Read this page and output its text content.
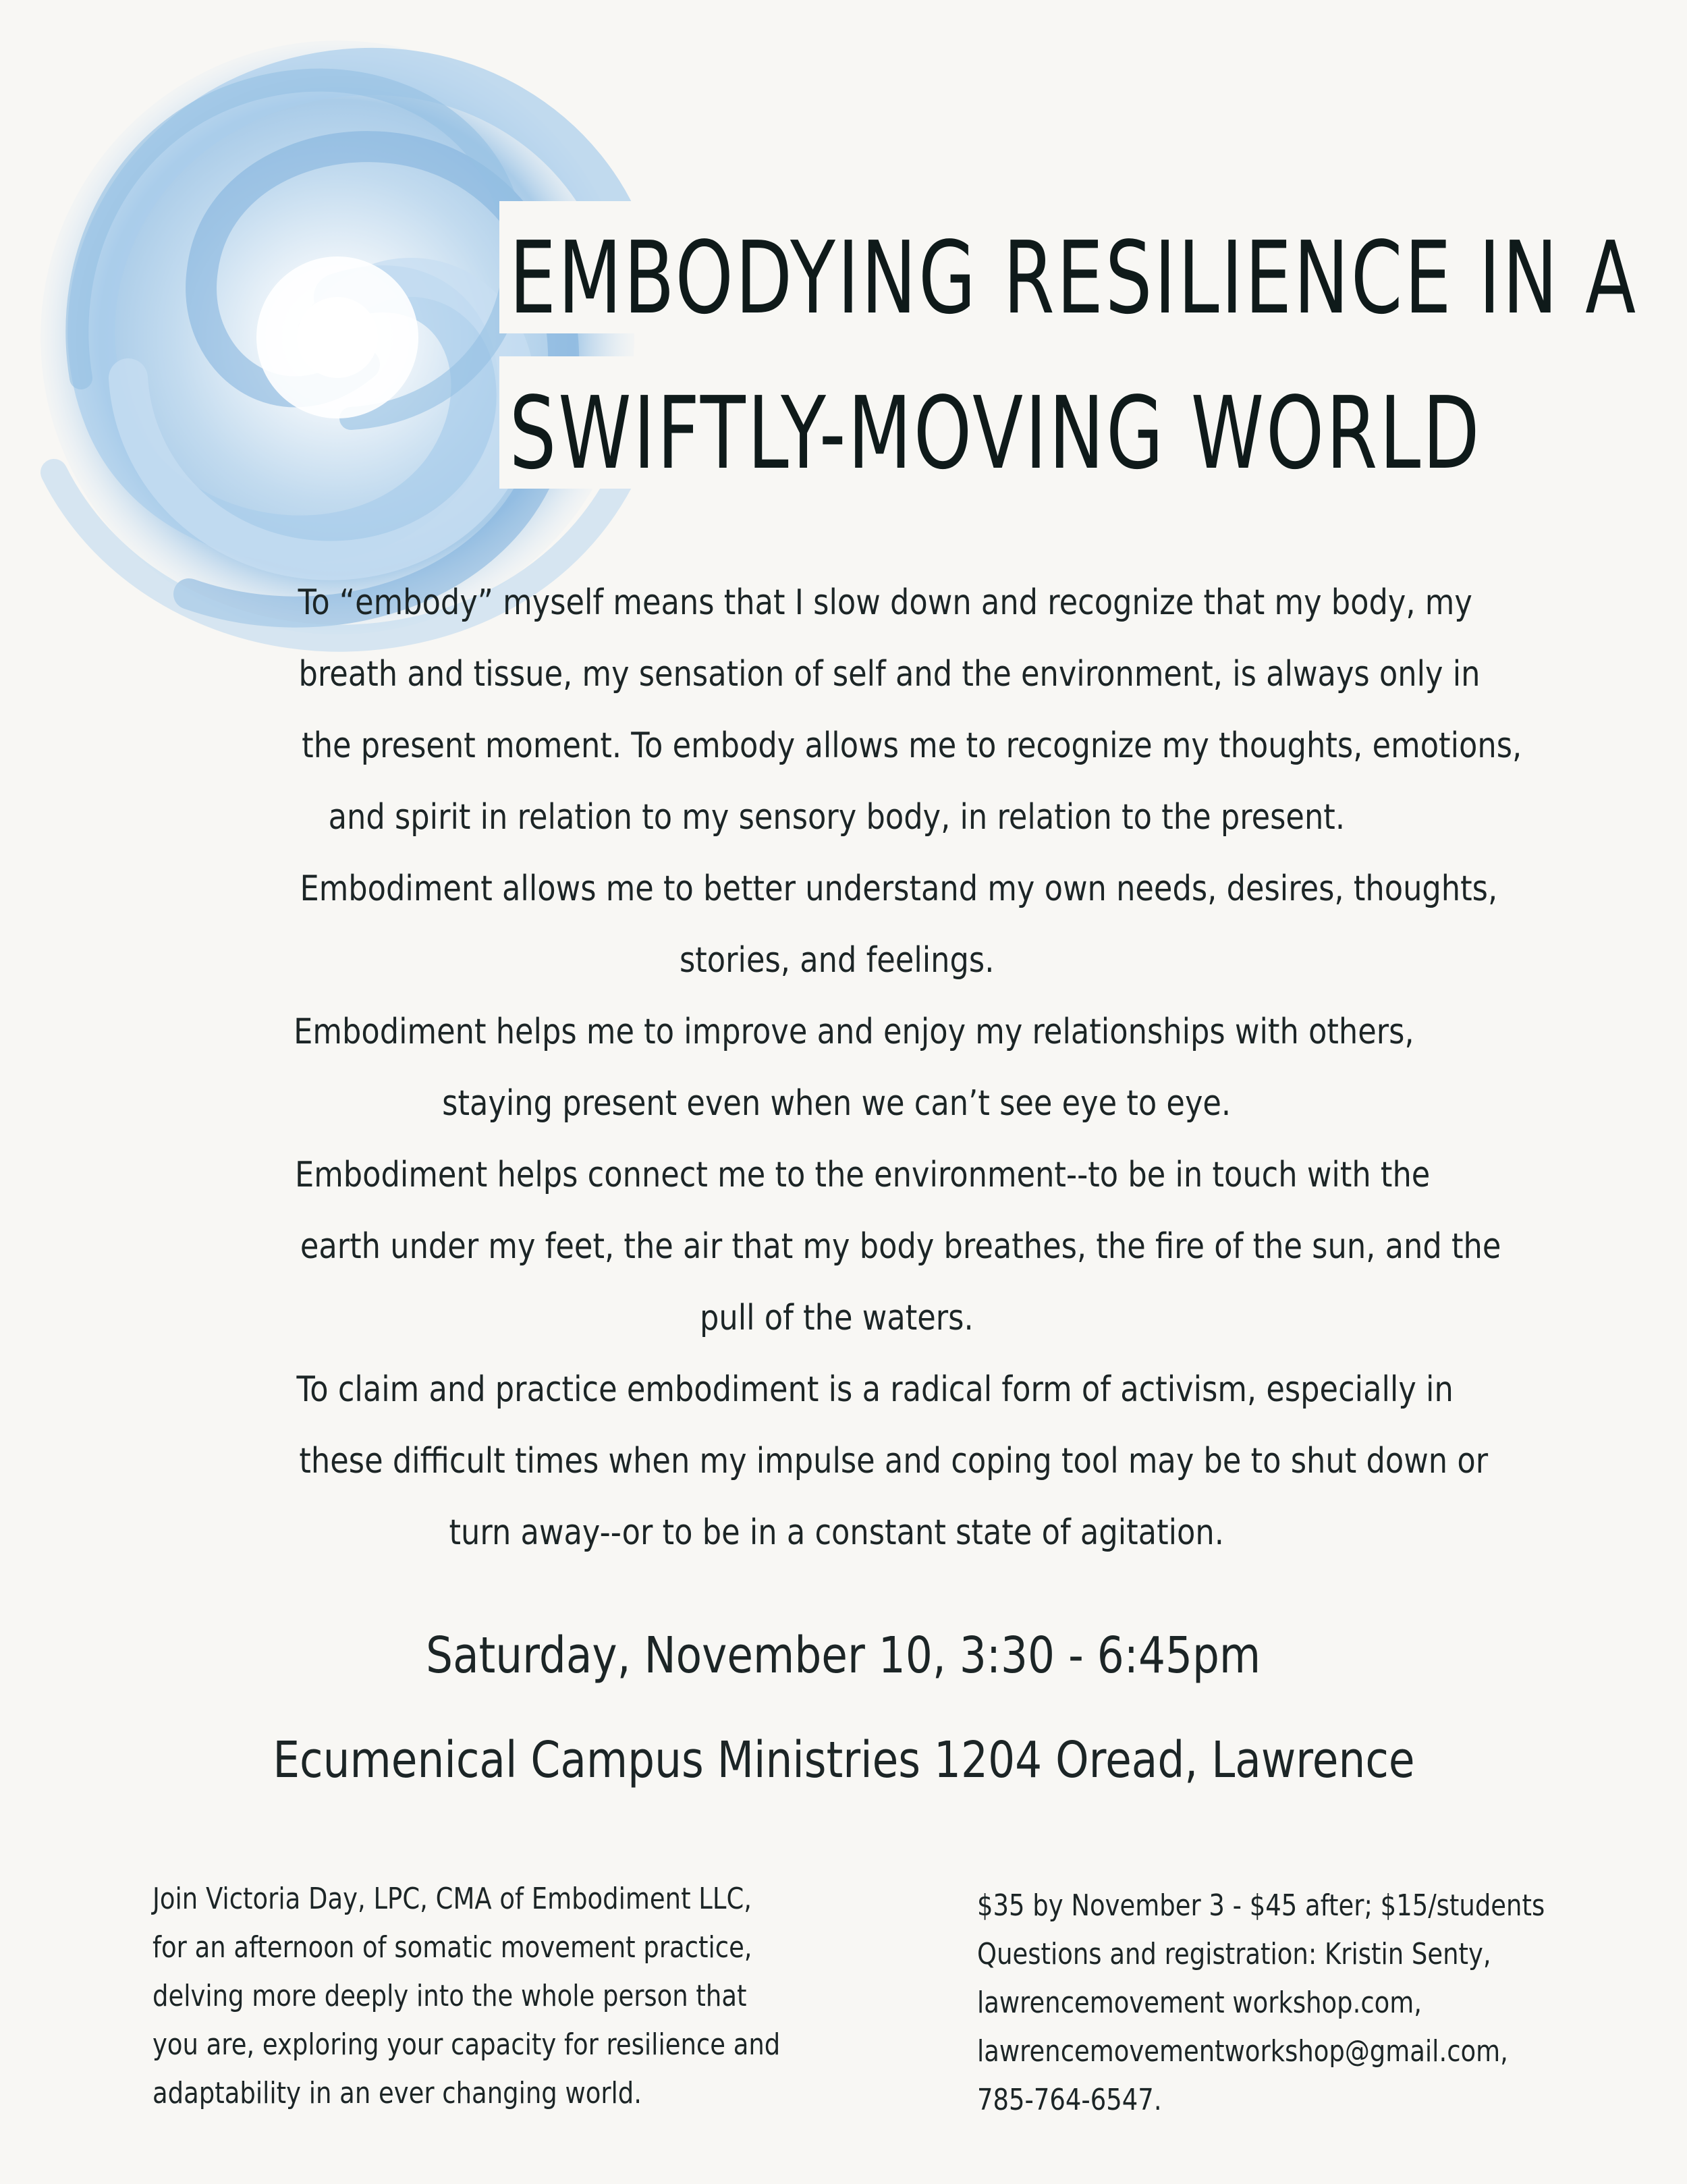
EMBODYING RESILIENCE IN A
SWIFTLY-MOVING WORLD

To “embody” myself means that I slow down and recognize that my body, my

breath and tissue, my sensation of self and the environment, is always only in

the present moment. To embody allows me to recognize my thoughts, emotions,

and spirit in relation to my sensory body, in relation to the present.

Embodiment allows me to better understand my own needs, desires, thoughts,

stories, and feelings.

Embodiment helps me to improve and enjoy my relationships with others,

staying present even when we can’t see eye to eye.

Embodiment helps connect me to the environment--to be in touch with the

earth under my feet, the air that my body breathes, the fire of the sun, and the

pull of the waters.

To claim and practice embodiment is a radical form of activism, especially in

these difficult times when my impulse and coping tool may be to shut down or

turn away--or to be in a constant state of agitation.

Saturday, November 10, 3:30 - 6:45pm
Ecumenical Campus Ministries 1204 Oread, Lawrence

Join Victoria Day, LPC, CMA of Embodiment LLC,

for an afternoon of somatic movement practice,

delving more deeply into the whole person that

you are, exploring your capacity for resilience and

adaptability in an ever changing world.

$35 by November 3 - $45 after; $15/students

Questions and registration: Kristin Senty,

lawrencemovement workshop.com,

lawrencemovementworkshop@gmail.com,

785-764-6547.
